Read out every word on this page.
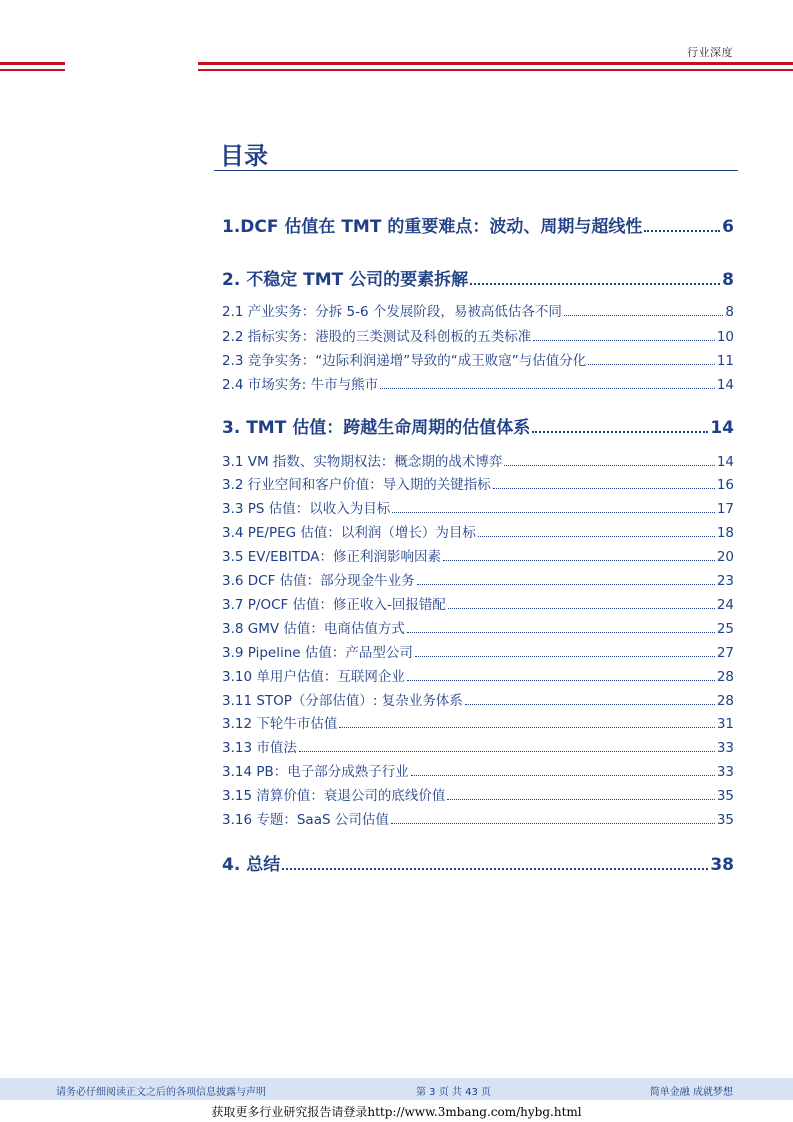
行业深度
目录
1.DCF 估值在 TMT 的重要难点：波动、周期与超线性	6
2. 不稳定 TMT 公司的要素拆解	8
2.1 产业实务：分拆 5-6 个发展阶段，易被高低估各不同	8
2.2 指标实务：港股的三类测试及科创板的五类标准	10
2.3 竞争实务：“边际利润递增”导致的“成王败寇”与估值分化	11
2.4 市场实务: 牛市与熊市	14
3. TMT 估值：跨越生命周期的估值体系	14
3.1 VM 指数、实物期权法：概念期的战术博弈	14
3.2 行业空间和客户价值：导入期的关键指标	16
3.3 PS 估值：以收入为目标	17
3.4 PE/PEG 估值：以利润（增长）为目标	18
3.5 EV/EBITDA：修正利润影响因素	20
3.6 DCF 估值：部分现金牛业务	23
3.7 P/OCF 估值：修正收入-回报错配	24
3.8 GMV 估值：电商估值方式	25
3.9 Pipeline 估值：产品型公司	27
3.10 单用户估值：互联网企业	28
3.11 STOP（分部估值）: 复杂业务体系	28
3.12 下轮牛市估值	31
3.13 市值法	33
3.14 PB：电子部分成熟子行业	33
3.15 清算价值：衰退公司的底线价值	35
3.16 专题：SaaS 公司估值	35
4. 总结	38
请务必仔细阅读正文之后的各项信息披露与声明	第 3 页 共 43 页	简单金融 成就梦想
获取更多行业研究报告请登录http://www.3mbang.com/hybg.html
